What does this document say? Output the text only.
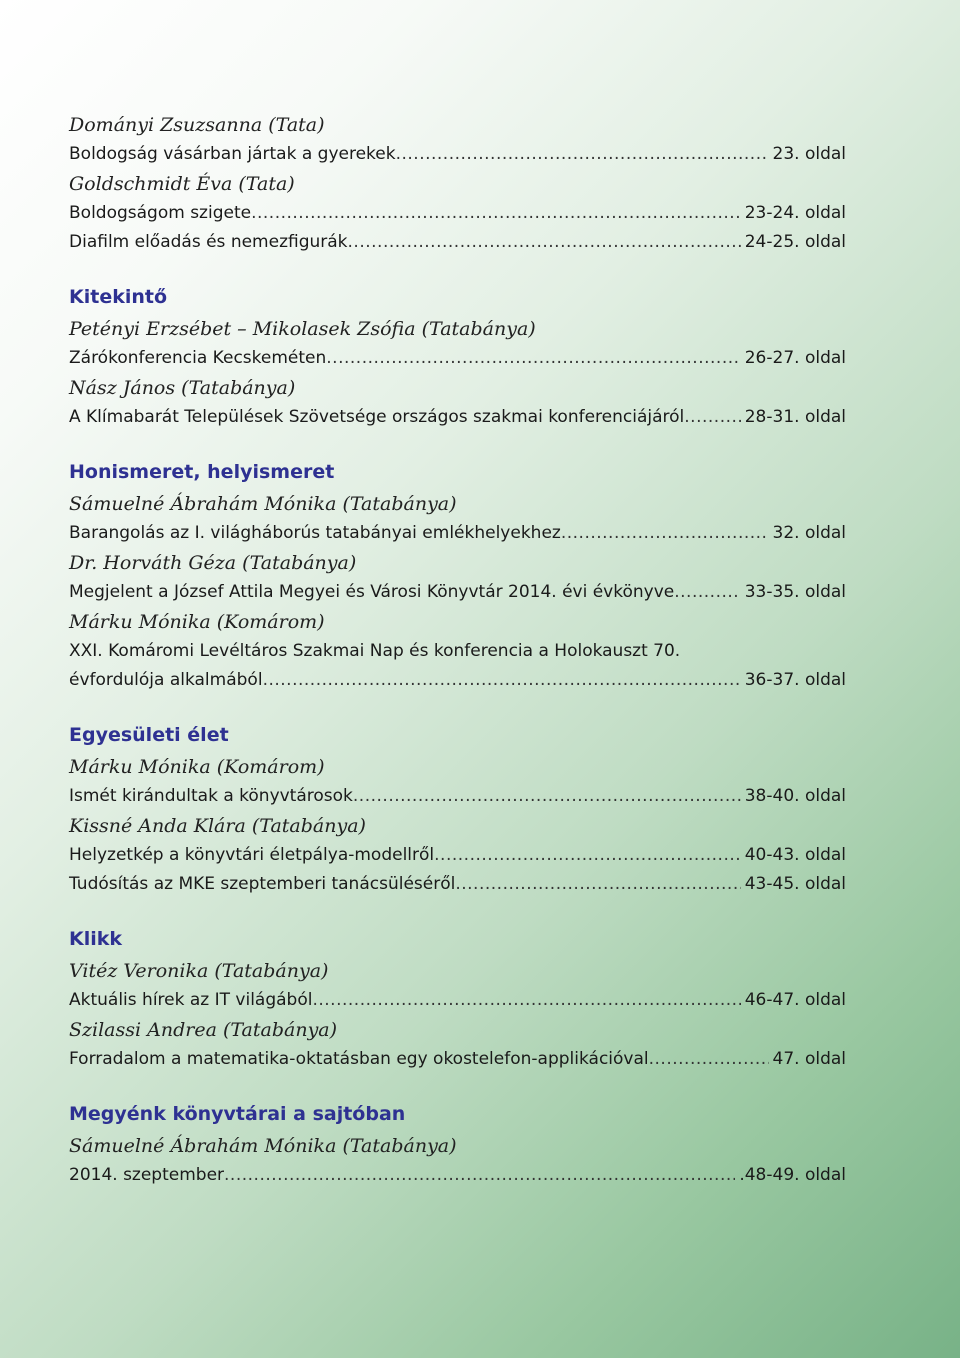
Dományi Zsuzsanna (Tata)
Boldogság vásárban jártak a gyerekek .....	23. oldal
Goldschmidt Éva (Tata)
Boldogságom szigete .....	23-24. oldal
Diafilm előadás és nemezfigurák .....	24-25. oldal
Kitekintő
Petényi Erzsébet – Mikolasek Zsófia (Tatabánya)
Zárókonferencia Kecskeméten .....	26-27. oldal
Nász János (Tatabánya)
A Klímabarát Települések Szövetsége országos szakmai konferenciájáról .....	28-31. oldal
Honismeret, helyismeret
Sámuelné Ábrahám Mónika (Tatabánya)
Barangolás az I. világháborús tatabányai emlékhelyekhez .....	32. oldal
Dr. Horváth Géza (Tatabánya)
Megjelent a József Attila Megyei és Városi Könyvtár 2014. évi évkönyve .....	33-35. oldal
Márku Mónika (Komárom)
XXI. Komáromi Levéltáros Szakmai Nap és konferencia a Holokauszt 70.
évfordulója alkalmából .....	36-37. oldal
Egyesületi élet
Márku Mónika (Komárom)
Ismét kirándultak a könyvtárosok .....	38-40. oldal
Kissné Anda Klára (Tatabánya)
Helyzetkép a könyvtári életpálya-modellről .....	40-43. oldal
Tudósítás az MKE szeptemberi tanácsüléséről .....	43-45. oldal
Klikk
Vitéz Veronika (Tatabánya)
Aktuális hírek az IT világából .....	46-47. oldal
Szilassi Andrea (Tatabánya)
Forradalom a matematika-oktatásban egy okostelefon-applikációval .....	47. oldal
Megyénk könyvtárai a sajtóban
Sámuelné Ábrahám Mónika (Tatabánya)
2014. szeptember .....	.48-49. oldal
